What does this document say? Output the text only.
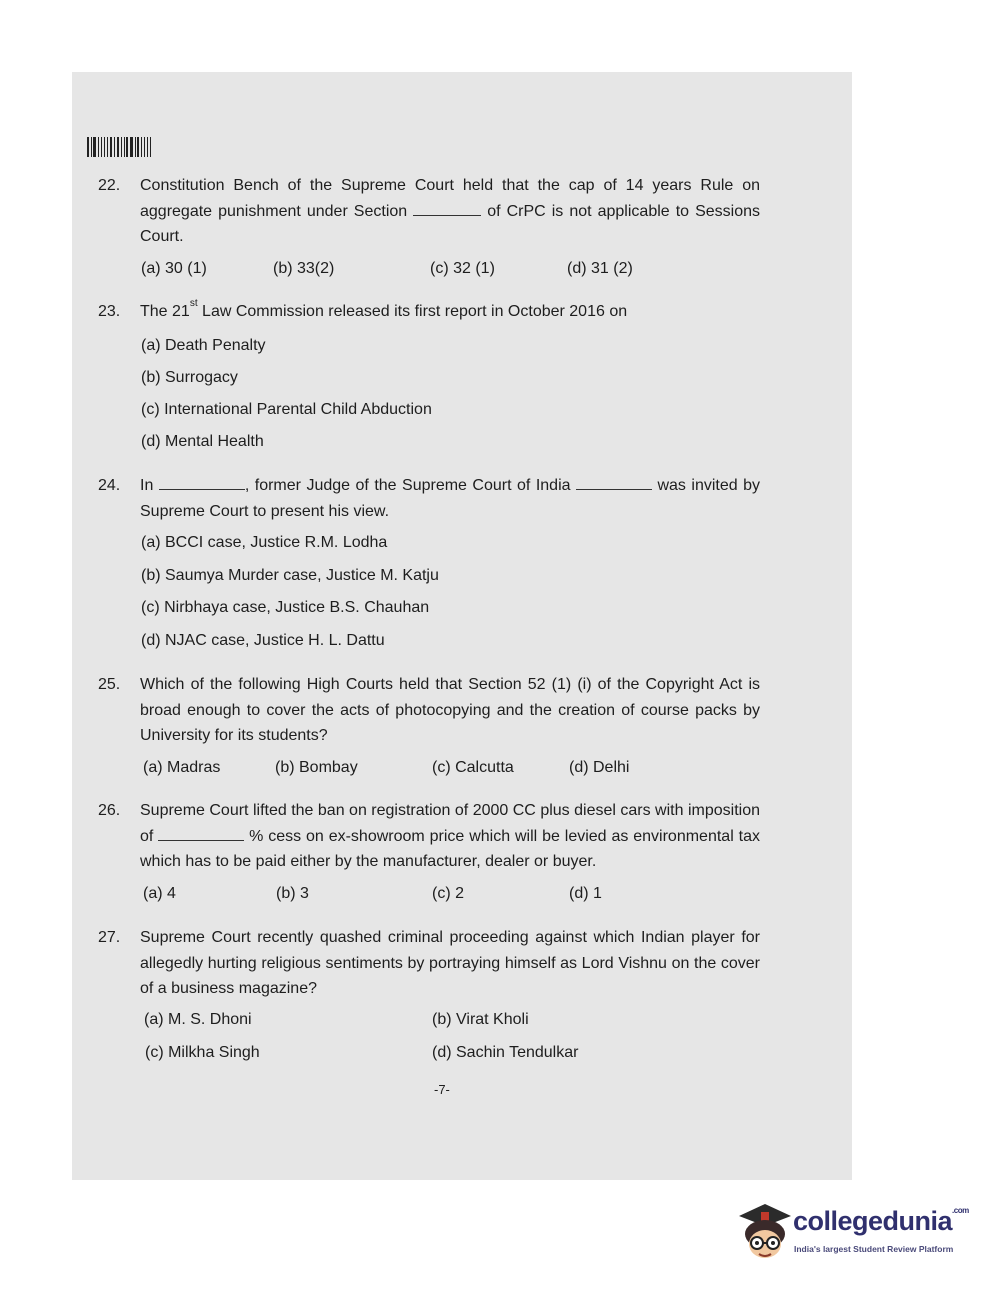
22. Constitution Bench of the Supreme Court held that the cap of 14 years Rule on aggregate punishment under Section	of CrPC is not applicable to Sessions Court.
(a) 30 (1)	(b) 33(2)	(c) 32 (1)	(d) 31 (2)
23. The 21st Law Commission released its first report in October 2016 on
(a) Death Penalty
(b) Surrogacy
(c) International Parental Child Abduction
(d) Mental Health
24. In	, former Judge of the Supreme Court of India	was invited by Supreme Court to present his view.
(a) BCCI case, Justice R.M. Lodha
(b) Saumya Murder case, Justice M. Katju
(c) Nirbhaya case, Justice B.S. Chauhan
(d) NJAC case, Justice H. L. Dattu
25. Which of the following High Courts held that Section 52 (1) (i) of the Copyright Act is broad enough to cover the acts of photocopying and the creation of course packs by University for its students?
(a) Madras	(b) Bombay	(c) Calcutta	(d) Delhi
26. Supreme Court lifted the ban on registration of 2000 CC plus diesel cars with imposition of	% cess on ex-showroom price which will be levied as environmental tax which has to be paid either by the manufacturer, dealer or buyer.
(a) 4	(b) 3	(c) 2	(d) 1
27. Supreme Court recently quashed criminal proceeding against which Indian player for allegedly hurting religious sentiments by portraying himself as Lord Vishnu on the cover of a business magazine?
(a) M. S. Dhoni	(b) Virat Kholi
(c) Milkha Singh	(d) Sachin Tendulkar
-7-
collegedunia$^{.com}$
India's largest Student Review Platform
